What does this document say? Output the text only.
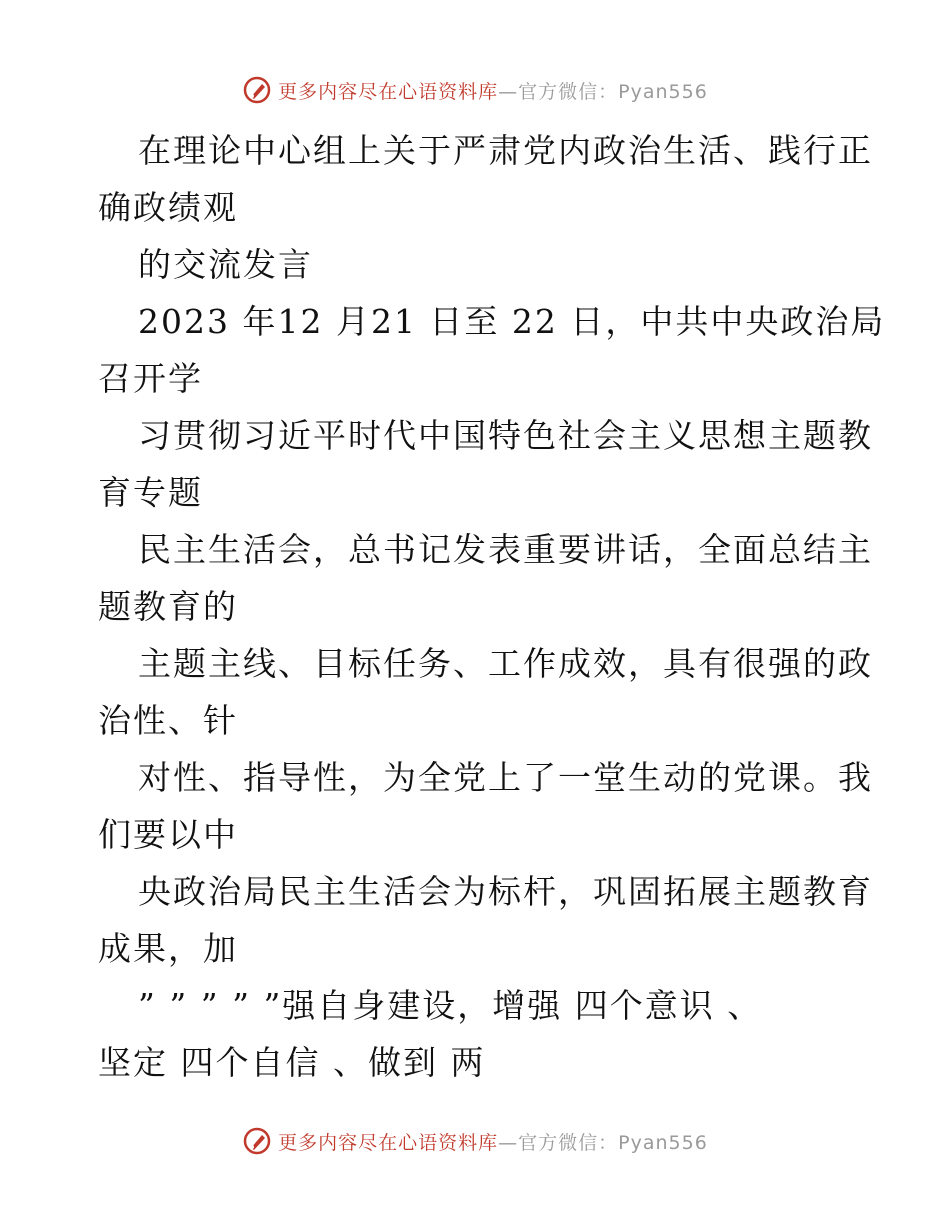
更多内容尽在心语资料库—官方微信：Pyan556
在理论中心组上关于严肃党内政治生活、践行正
确政绩观
的交流发言
2023 年12 月21 日至 22 日，中共中央政治局
召开学
习贯彻习近平时代中国特色社会主义思想主题教
育专题
民主生活会，总书记发表重要讲话，全面总结主
题教育的
主题主线、目标任务、工作成效，具有很强的政
治性、针
对性、指导性，为全党上了一堂生动的党课。我
们要以中
央政治局民主生活会为标杆，巩固拓展主题教育
成果，加
” ” ” ” ”强自身建设，增强 四个意识 、
坚定 四个自信 、做到 两
更多内容尽在心语资料库—官方微信：Pyan556
